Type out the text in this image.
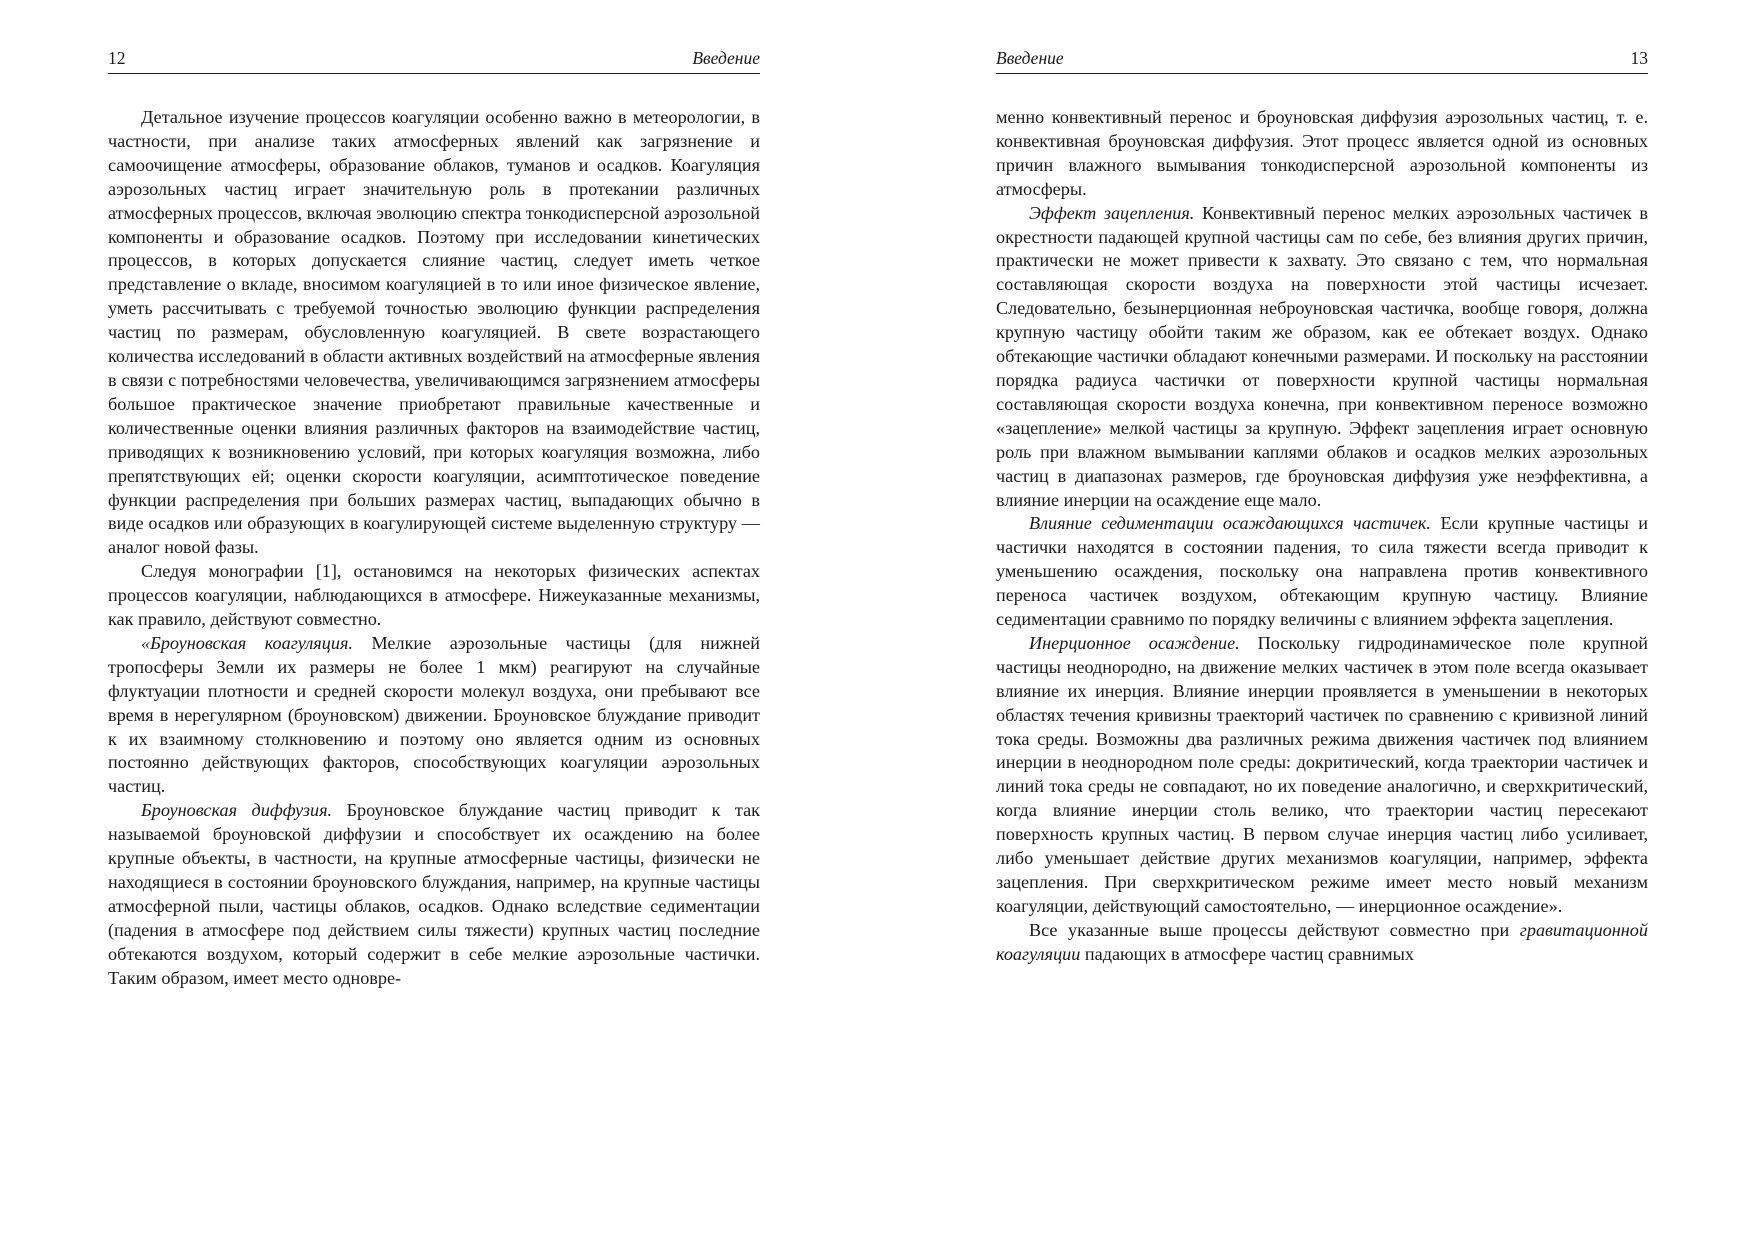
12	Введение

Детальное изучение процессов коагуляции особенно важно в метеорологии, в частности, при анализе таких атмосферных явлений как загрязнение и самоочищение атмосферы, образование облаков, туманов и осадков. Коагуляция аэрозольных частиц играет значительную роль в протекании различных атмосферных процессов, включая эволюцию спектра тонкодисперсной аэрозольной компоненты и образование осадков. Поэтому при исследовании кинетических процессов, в которых допускается слияние частиц, следует иметь четкое представление о вкладе, вносимом коагуляцией в то или иное физическое явление, уметь рассчитывать с требуемой точностью эволюцию функции распределения частиц по размерам, обусловленную коагуляцией. В свете возрастающего количества исследований в области активных воздействий на атмосферные явления в связи с потребностями человечества, увеличивающимся загрязнением атмосферы большое практическое значение приобретают правильные качественные и количественные оценки влияния различных факторов на взаимодействие частиц, приводящих к возникновению условий, при которых коагуляция возможна, либо препятствующих ей; оценки скорости коагуляции, асимптотическое поведение функции распределения при больших размерах частиц, выпадающих обычно в виде осадков или образующих в коагулирующей системе выделенную структуру — аналог новой фазы.

Следуя монографии [1], остановимся на некоторых физических аспектах процессов коагуляции, наблюдающихся в атмосфере. Нижеуказанные механизмы, как правило, действуют совместно.

«Броуновская коагуляция. Мелкие аэрозольные частицы (для нижней тропосферы Земли их размеры не более 1 мкм) реагируют на случайные флуктуации плотности и средней скорости молекул воздуха, они пребывают все время в нерегулярном (броуновском) движении. Броуновское блуждание приводит к их взаимному столкновению и поэтому оно является одним из основных постоянно действующих факторов, способствующих коагуляции аэрозольных частиц.

Броуновская диффузия. Броуновское блуждание частиц приводит к так называемой броуновской диффузии и способствует их осаждению на более крупные объекты, в частности, на крупные атмосферные частицы, физически не находящиеся в состоянии броуновского блуждания, например, на крупные частицы атмосферной пыли, частицы облаков, осадков. Однако вследствие седиментации (падения в атмосфере под действием силы тяжести) крупных частиц последние обтекаются воздухом, который содержит в себе мелкие аэрозольные частички. Таким образом, имеет место одновре-

Введение	13

менно конвективный перенос и броуновская диффузия аэрозольных частиц, т. е. конвективная броуновская диффузия. Этот процесс является одной из основных причин влажного вымывания тонкодисперсной аэрозольной компоненты из атмосферы.

Эффект зацепления. Конвективный перенос мелких аэрозольных частичек в окрестности падающей крупной частицы сам по себе, без влияния других причин, практически не может привести к захвату. Это связано с тем, что нормальная составляющая скорости воздуха на поверхности этой частицы исчезает. Следовательно, безынерционная неброуновская частичка, вообще говоря, должна крупную частицу обойти таким же образом, как ее обтекает воздух. Однако обтекающие частички обладают конечными размерами. И поскольку на расстоянии порядка радиуса частички от поверхности крупной частицы нормальная составляющая скорости воздуха конечна, при конвективном переносе возможно «зацепление» мелкой частицы за крупную. Эффект зацепления играет основную роль при влажном вымывании каплями облаков и осадков мелких аэрозольных частиц в диапазонах размеров, где броуновская диффузия уже неэффективна, а влияние инерции на осаждение еще мало.

Влияние седиментации осаждающихся частичек. Если крупные частицы и частички находятся в состоянии падения, то сила тяжести всегда приводит к уменьшению осаждения, поскольку она направлена против конвективного переноса частичек воздухом, обтекающим крупную частицу. Влияние седиментации сравнимо по порядку величины с влиянием эффекта зацепления.

Инерционное осаждение. Поскольку гидродинамическое поле крупной частицы неоднородно, на движение мелких частичек в этом поле всегда оказывает влияние их инерция. Влияние инерции проявляется в уменьшении в некоторых областях течения кривизны траекторий частичек по сравнению с кривизной линий тока среды. Возможны два различных режима движения частичек под влиянием инерции в неоднородном поле среды: докритический, когда траектории частичек и линий тока среды не совпадают, но их поведение аналогично, и сверхкритический, когда влияние инерции столь велико, что траектории частиц пересекают поверхность крупных частиц. В первом случае инерция частиц либо усиливает, либо уменьшает действие других механизмов коагуляции, например, эффекта зацепления. При сверхкритическом режиме имеет место новый механизм коагуляции, действующий самостоятельно, — инерционное осаждение».

Все указанные выше процессы действуют совместно при гравитационной коагуляции падающих в атмосфере частиц сравнимых
